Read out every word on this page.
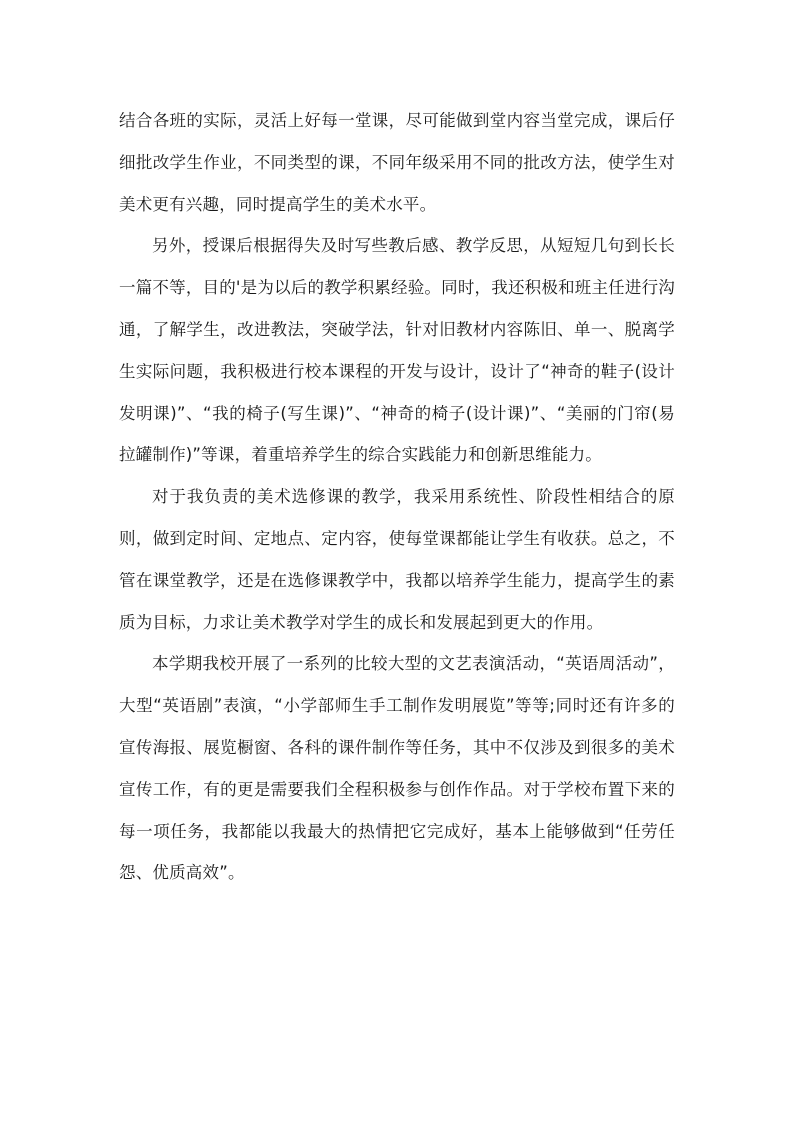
结合各班的实际，灵活上好每一堂课，尽可能做到堂内容当堂完成，课后仔细批改学生作业，不同类型的课，不同年级采用不同的批改方法，使学生对美术更有兴趣，同时提高学生的美术水平。

另外，授课后根据得失及时写些教后感、教学反思，从短短几句到长长一篇不等，目的'是为以后的教学积累经验。同时，我还积极和班主任进行沟通，了解学生，改进教法，突破学法，针对旧教材内容陈旧、单一、脱离学生实际问题，我积极进行校本课程的开发与设计，设计了“神奇的鞋子(设计发明课)”、“我的椅子(写生课)”、“神奇的椅子(设计课)”、“美丽的门帘(易拉罐制作)”等课，着重培养学生的综合实践能力和创新思维能力。

对于我负责的美术选修课的教学，我采用系统性、阶段性相结合的原则，做到定时间、定地点、定内容，使每堂课都能让学生有收获。总之，不管在课堂教学，还是在选修课教学中，我都以培养学生能力，提高学生的素质为目标，力求让美术教学对学生的成长和发展起到更大的作用。

本学期我校开展了一系列的比较大型的文艺表演活动，“英语周活动”，大型“英语剧”表演，“小学部师生手工制作发明展览”等等;同时还有许多的宣传海报、展览橱窗、各科的课件制作等任务，其中不仅涉及到很多的美术宣传工作，有的更是需要我们全程积极参与创作作品。对于学校布置下来的每一项任务，我都能以我最大的热情把它完成好，基本上能够做到“任劳任怨、优质高效”。
